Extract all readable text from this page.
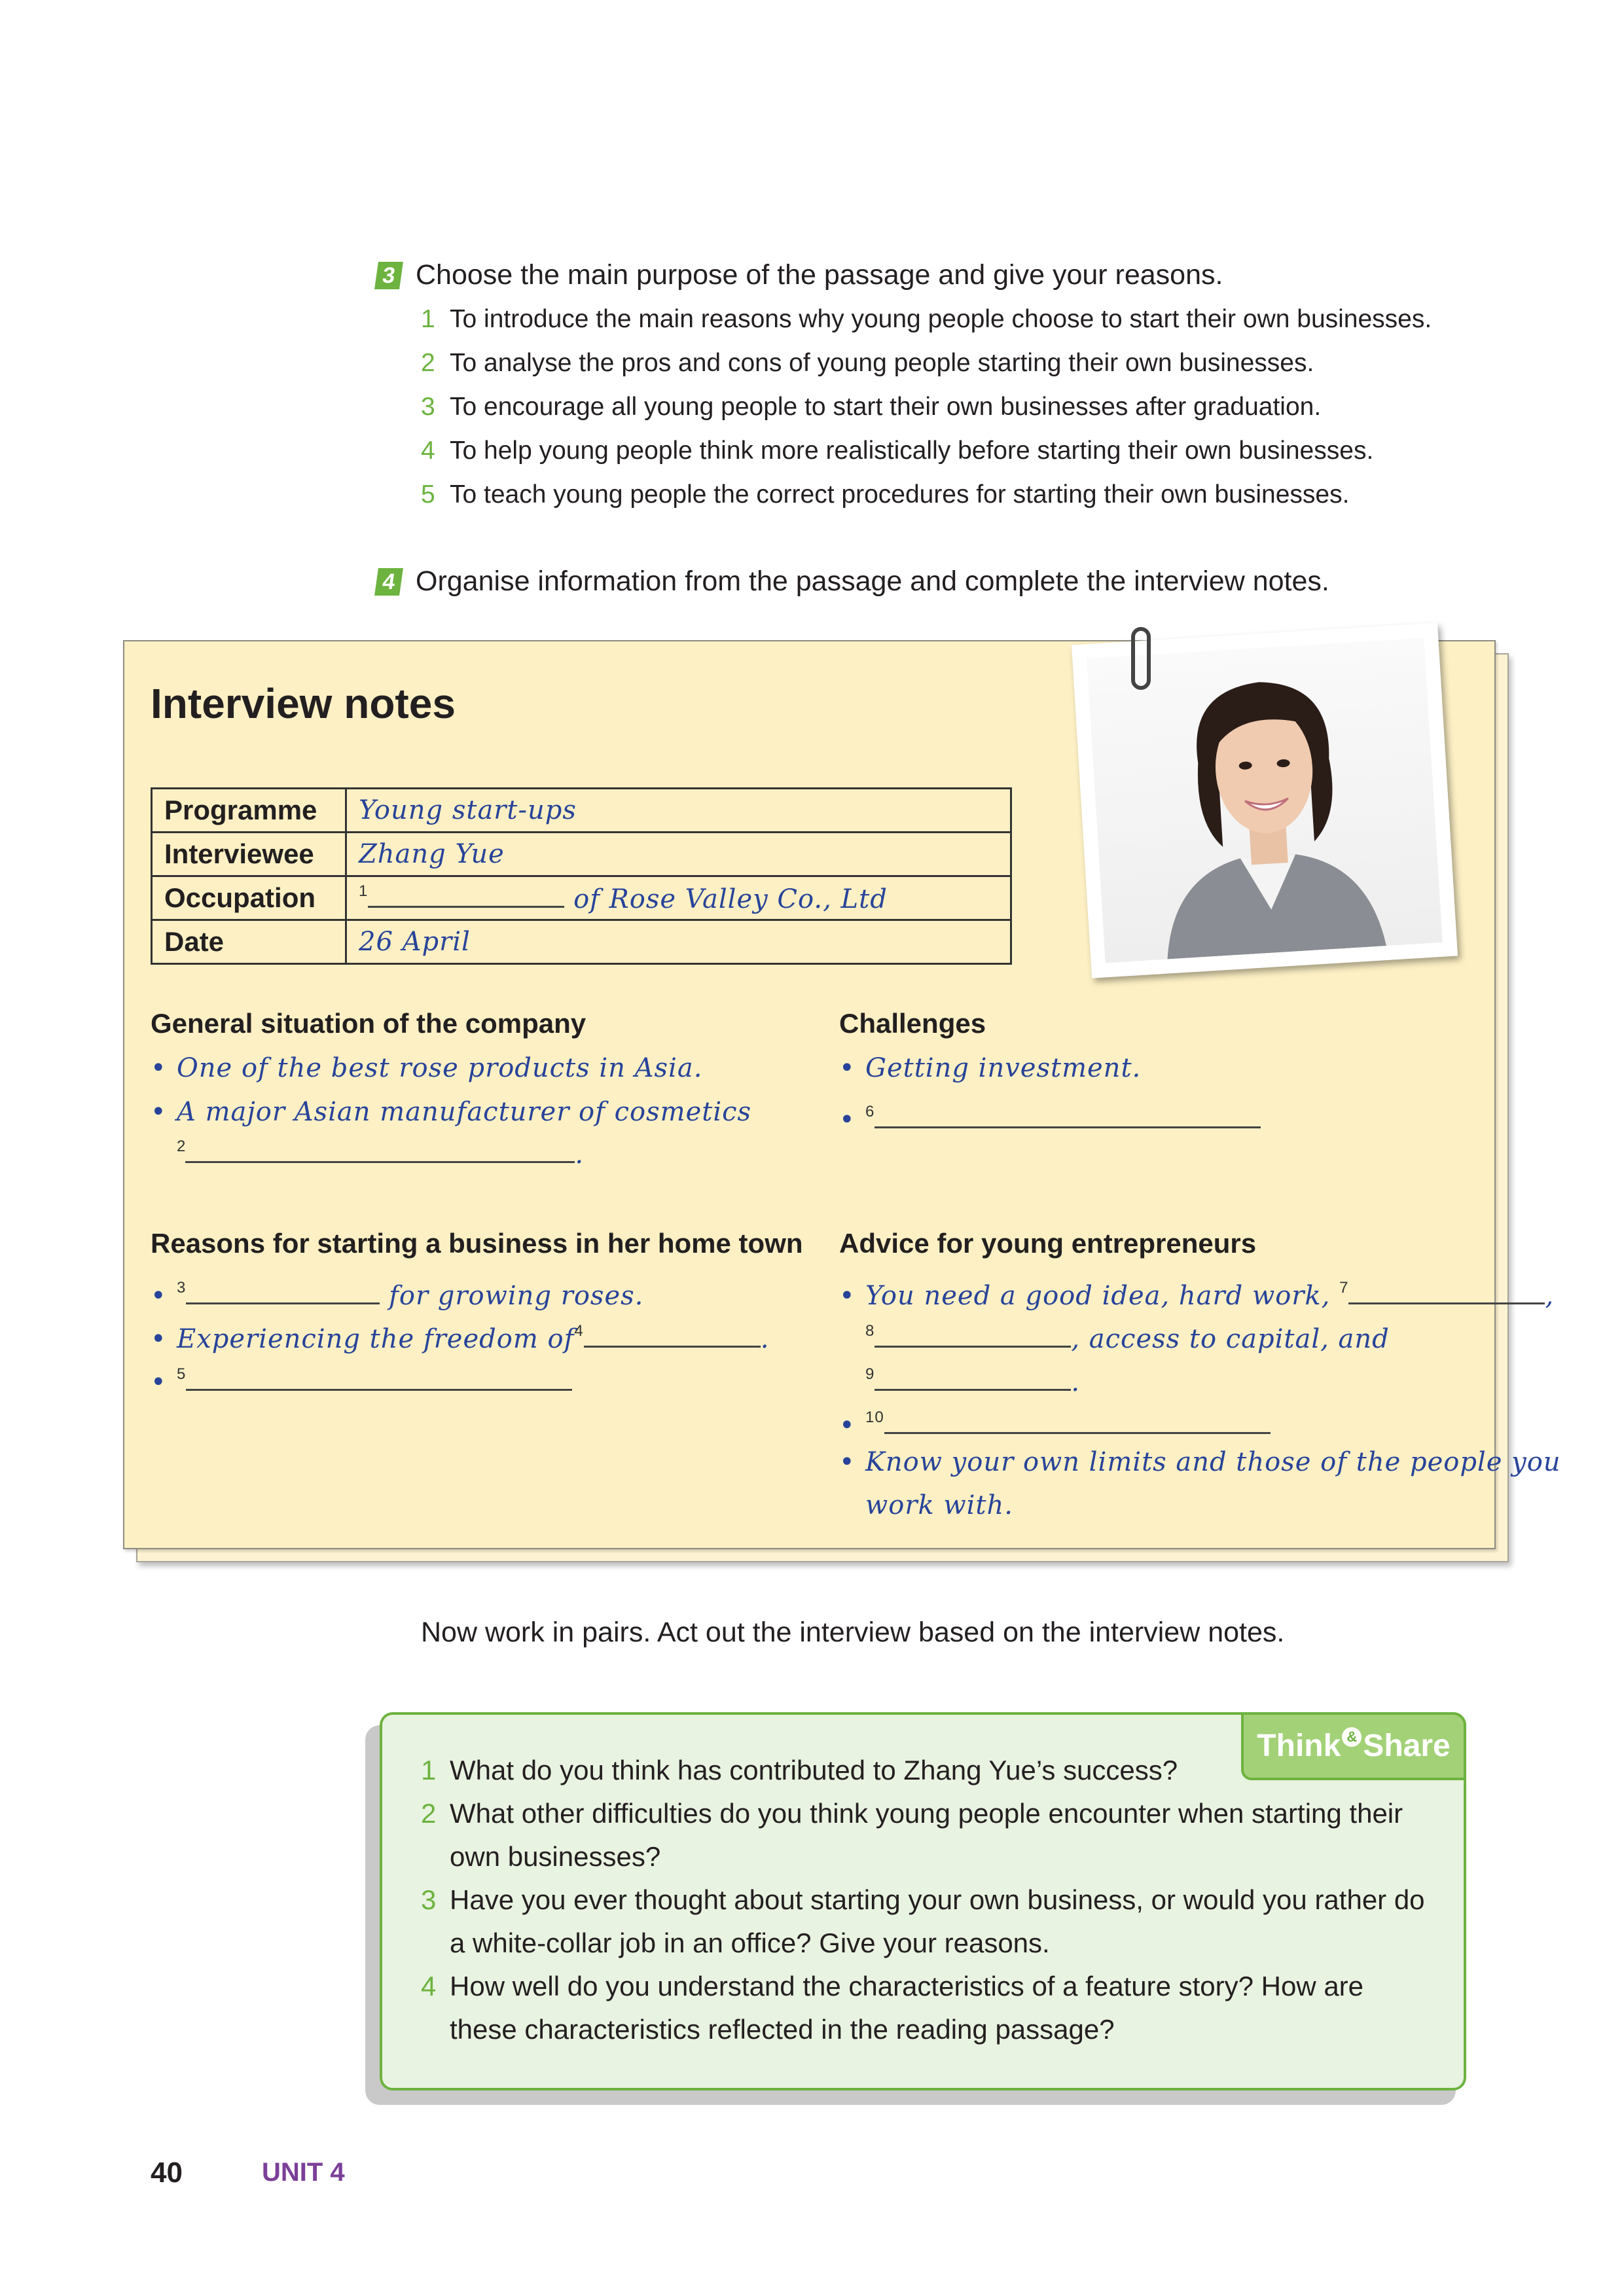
3 Choose the main purpose of the passage and give your reasons.
1 To introduce the main reasons why young people choose to start their own businesses.
2 To analyse the pros and cons of young people starting their own businesses.
3 To encourage all young people to start their own businesses after graduation.
4 To help young people think more realistically before starting their own businesses.
5 To teach young people the correct procedures for starting their own businesses.
4 Organise information from the passage and complete the interview notes.
Interview notes
Programme	Young start-ups
Interviewee	Zhang Yue
Occupation	$^1$ of Rose Valley Co., Ltd
Date	26 April
General situation of the company
• One of the best rose products in Asia.
• A major Asian manufacturer of cosmetics
$^2$	.
Challenges
• Getting investment.
• $^6$
Reasons for starting a business in her home town
• $^3$	for growing roses.
• Experiencing the freedom $of^4$	.
• $^5$
Advice for young entrepreneurs
• You need a good idea, hard work, $^7$	,
$^8$	, access to capital, and
$^9$	.
• $^{10}$
• Know your own limits and those of the people you
work with.
Now work in pairs. Act out the interview based on the interview notes.
Think & Share
1 What do you think has contributed to Zhang Yue’s success?
2 What other difficulties do you think young people encounter when starting their
own businesses?
3 Have you ever thought about starting your own business, or would you rather do
a white-collar job in an office? Give your reasons.
4 How well do you understand the characteristics of a feature story? How are
these characteristics reflected in the reading passage?
40	UNIT 4
